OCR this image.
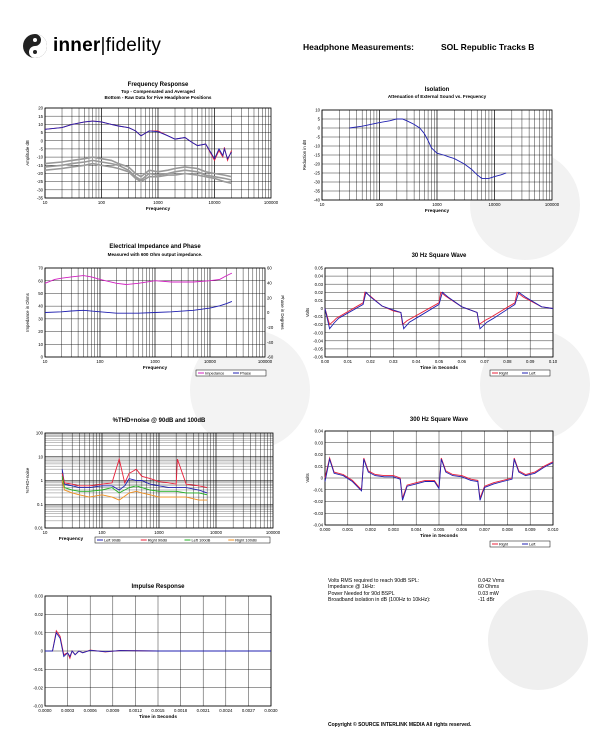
inner|fidelity	Headphone Measurements:	SOL Republic Tracks B
Frequency Response
Top - Compensated and Averaged
Bottom - Raw Data for Five Headphone Positions
10	100	1000	10000	100000
20
15
10
5
0
-5
-10
-15
-20
-25
-30
-35
Frequency
Amplitude dB
Isolation
Attenuation of External Sound vs. Frequency
10	100	1000	10000	100000
10
5
0
-5
-10
-15
-20
-25
-30
-35
-40
Frequency
Reduction in dB
Electrical Impedance and Phase
Measured with 600 Ohm output impedance.
10	100	1000	10000	100000
70
60
50
40
30
20
10
0
60
40
20
0
-20
-40
-60
Frequency
Impedance in Ohms	Phase in Degrees
Impedance	Phase
30 Hz Square Wave
0.00	0.01	0.02	0.03	0.04	0.05	0.06	0.07	0.08	0.09	0.10
0.05
0.04
0.03
0.02
0.01
0
-0.01
-0.02
-0.03
-0.04
-0.05
-0.06
Time in Seconds
Volts
Right	Left
%THD+noise @ 90dB and 100dB
10	100	1000	10000	100000
100
10
1
0.1
0.01
Frequency
%THD+noise
Left 90dB	Right 90dB	Left 100dB	Right 100dB
300 Hz Square Wave
0.000	0.001	0.002	0.003	0.004	0.005	0.006	0.007	0.008	0.009	0.010
0.04
0.03
0.02
0.01
0
-0.01
-0.02
-0.03
-0.04
Time in Seconds
Volts
Right	Left
Impulse Response
0.0000 0.0003 0.0006 0.0009 0.0012 0.0015 0.0018 0.0021 0.0024 0.0027 0.0030
0.03
0.02
0.01
0
-0.01
-0.02
-0.03
Time in Seconds
Volts RMS required to reach 90dB SPL:	0.042 Vrms
Impedance @ 1kHz:	60 Ohms
Power Needed for 90d BSPL	0.03 mW
Broadband isolation in dB (100Hz to 10kHz):	-11 dBr
Copyright © SOURCE INTERLINK MEDIA All rights reserved.
